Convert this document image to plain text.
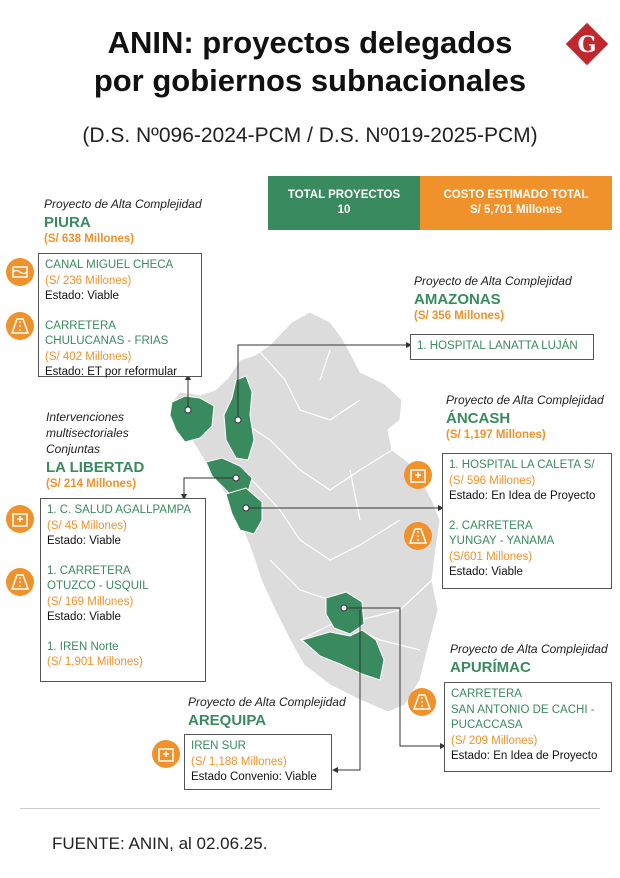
ANIN: proyectos delegados
por gobiernos subnacionales
G
(D.S. Nº096-2024-PCM / D.S. Nº019-2025-PCM)
TOTAL PROYECTOS
10
COSTO ESTIMADO TOTAL
S/ 5,701 Millones
Proyecto de Alta Complejidad
PIURA
(S/ 638 Millones)
CANAL MIGUEL CHECA
(S/ 236 Millones)
Estado: Viable
CARRETERA
CHULUCANAS - FRIAS
(S/ 402 Millones)
Estado: ET por reformular
Proyecto de Alta Complejidad
AMAZONAS
(S/ 356 Millones)
1. HOSPITAL LANATTA LUJÁN
Proyecto de Alta Complejidad
ÁNCASH
(S/ 1,197 Millones)
1. HOSPITAL LA CALETA S/
(S/ 596 Millones)
Estado: En Idea de Proyecto
2. CARRETERA
YUNGAY - YANAMA
(S/601 Millones)
Estado: Viable
Intervenciones
multisectoriales
Conjuntas
LA LIBERTAD
(S/ 214 Millones)
1. C. SALUD AGALLPAMPA
(S/ 45 Millones)
Estado: Viable
1. CARRETERA
OTUZCO - USQUIL
(S/ 169 Millones)
Estado: Viable
1. IREN Norte
(S/ 1,901 Millones)
Proyecto de Alta Complejidad
APURÍMAC
CARRETERA
SAN ANTONIO DE CACHI -
PUCACCASA
(S/ 209 Millones)
Estado: En Idea de Proyecto
Proyecto de Alta Complejidad
AREQUIPA
IREN SUR
(S/ 1,188 Millones)
Estado Convenio: Viable
FUENTE: ANIN, al 02.06.25.
